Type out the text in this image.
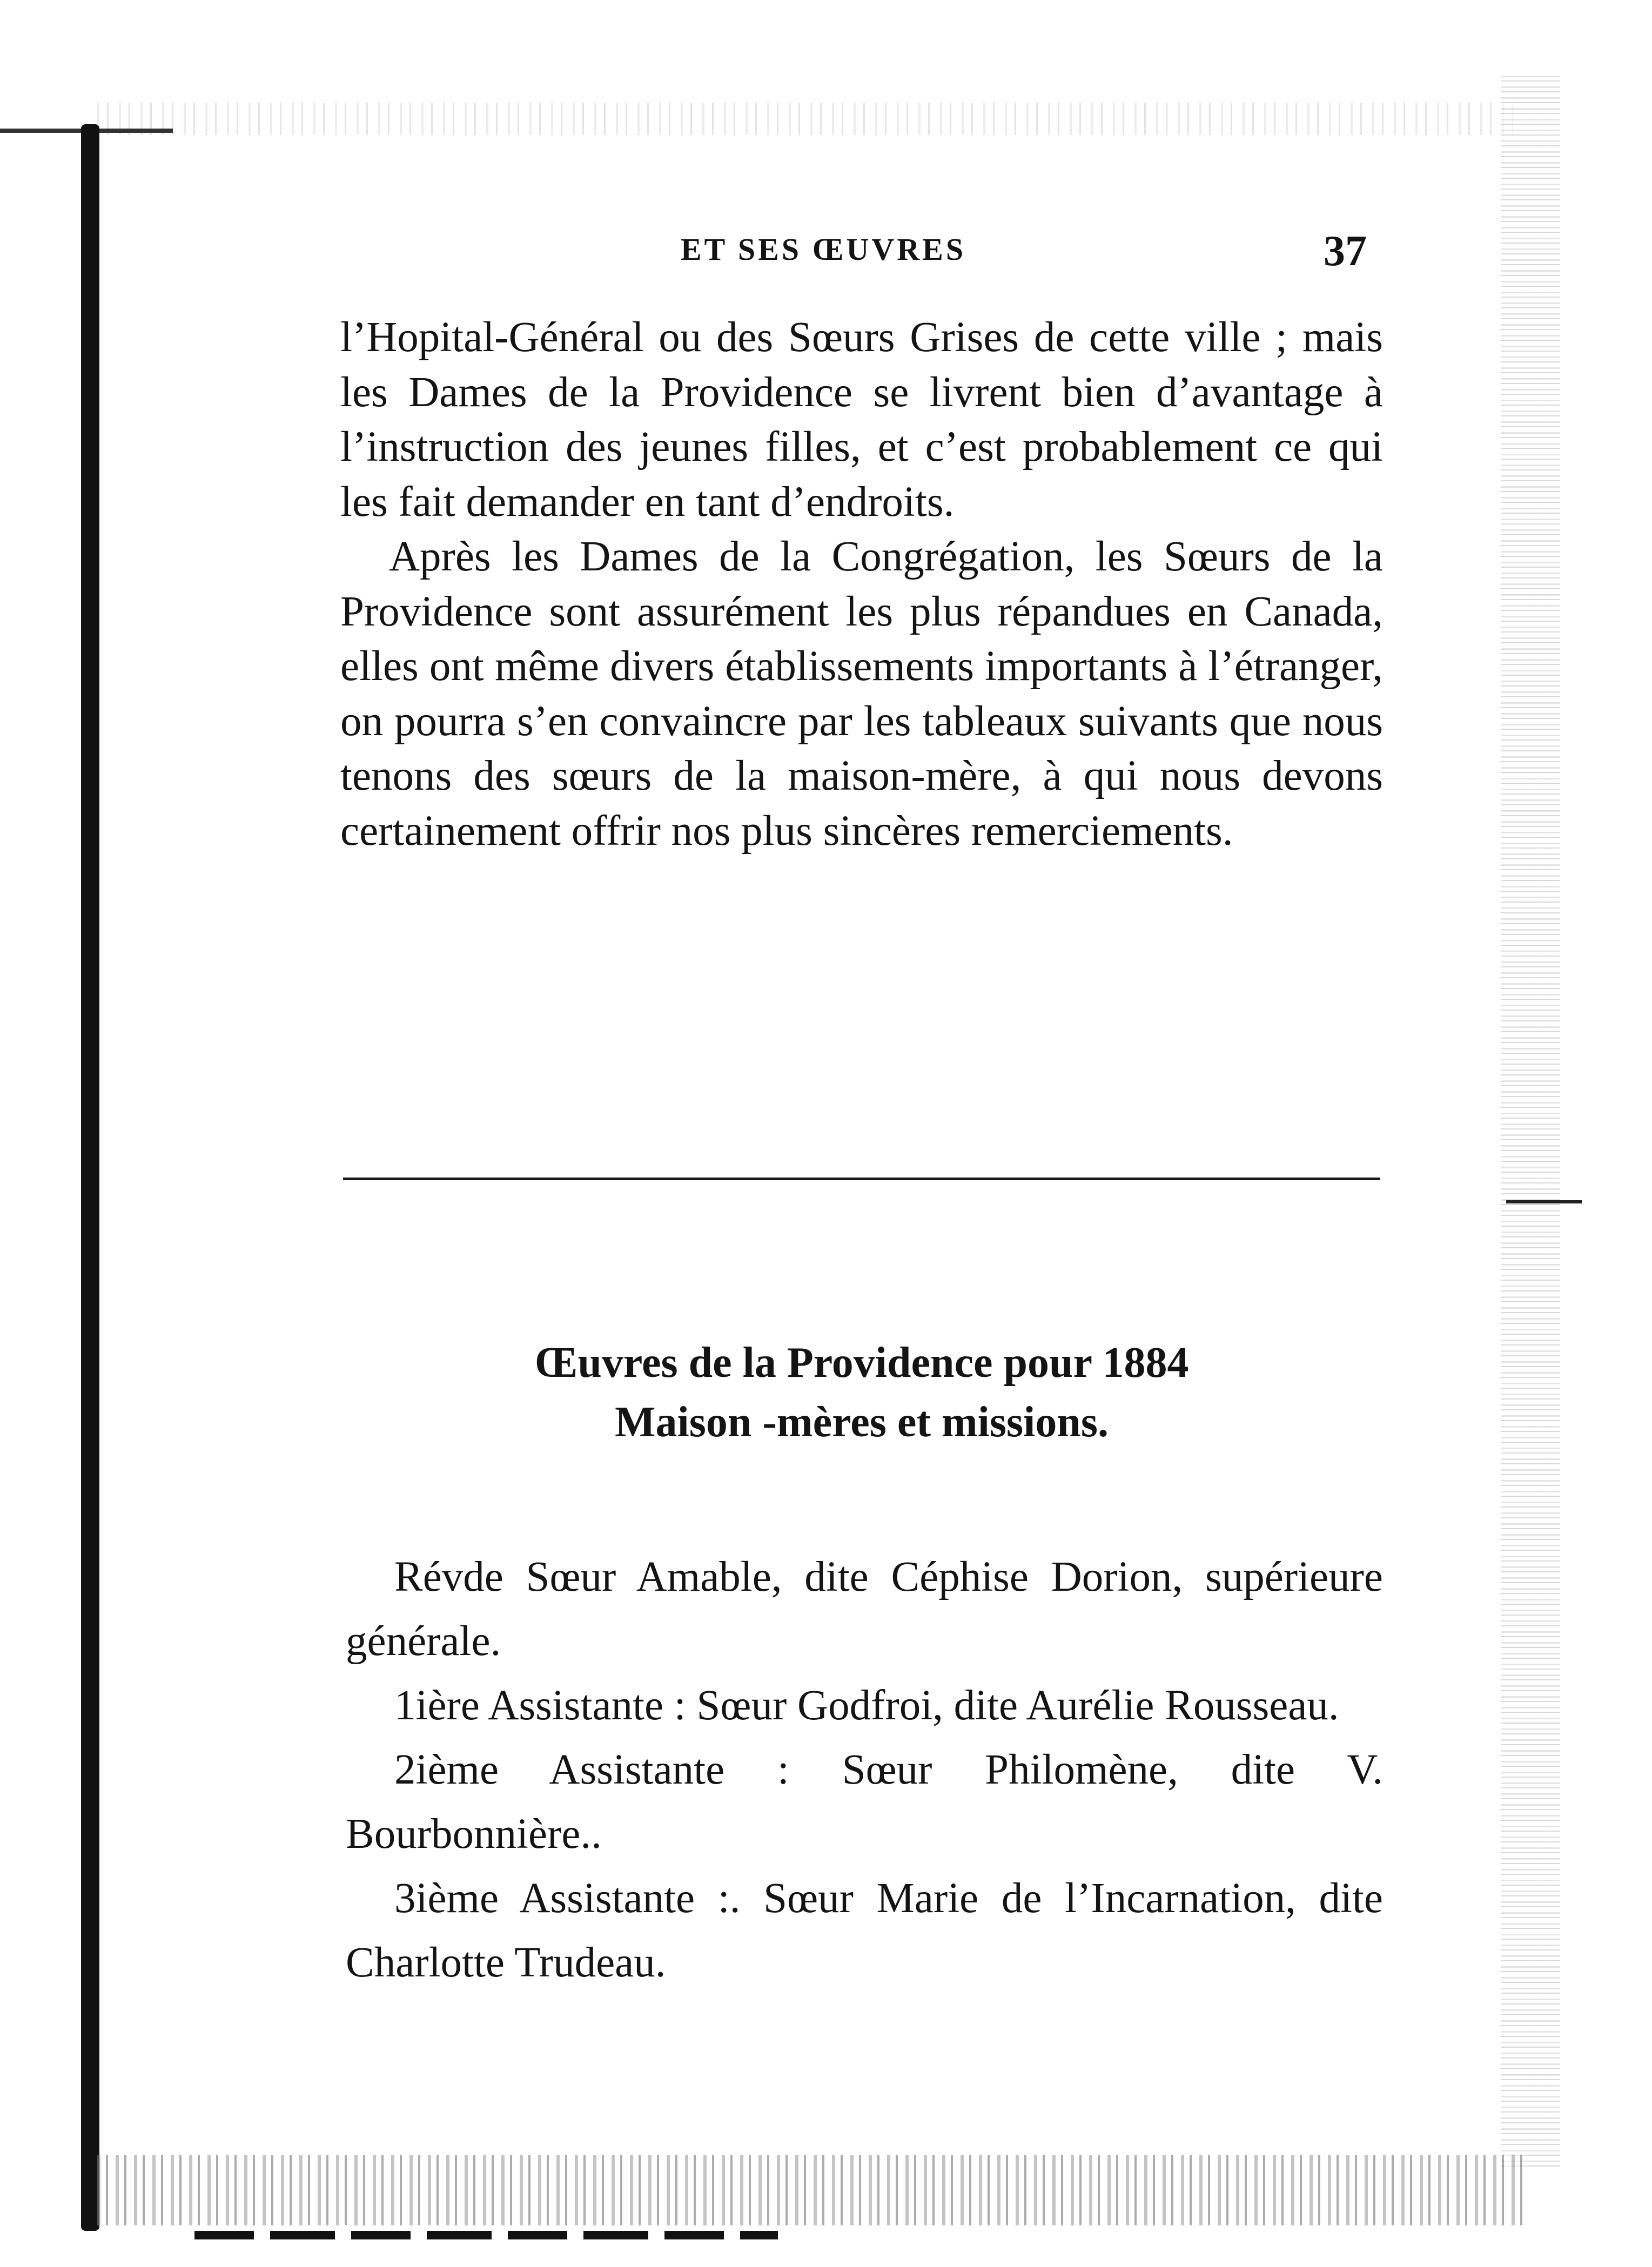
ET SES ŒUVRES	37

l’Hopital-Général ou des Sœurs Grises de cette ville ; mais les Dames de la Providence se livrent bien d’avantage à l’instruction des jeunes filles, et c’est probablement ce qui les fait demander en tant d’endroits.

Après les Dames de la Congrégation, les Sœurs de la Providence sont assurément les plus répandues en Canada, elles ont même divers établissements importants à l’étranger, on pourra s’en convaincre par les tableaux suivants que nous tenons des sœurs de la maison-mère, à qui nous devons certainement offrir nos plus sincères remerciements.

Œuvres de la Providence pour 1884
Maison -mères et missions.

Révde Sœur Amable, dite Céphise Dorion, supérieure générale.

1ière Assistante : Sœur Godfroi, dite Aurélie Rousseau.

2ième Assistante : Sœur Philomène, dite V. Bourbonnière..

3ième Assistante :. Sœur Marie de l’Incarnation, dite Charlotte Trudeau.
